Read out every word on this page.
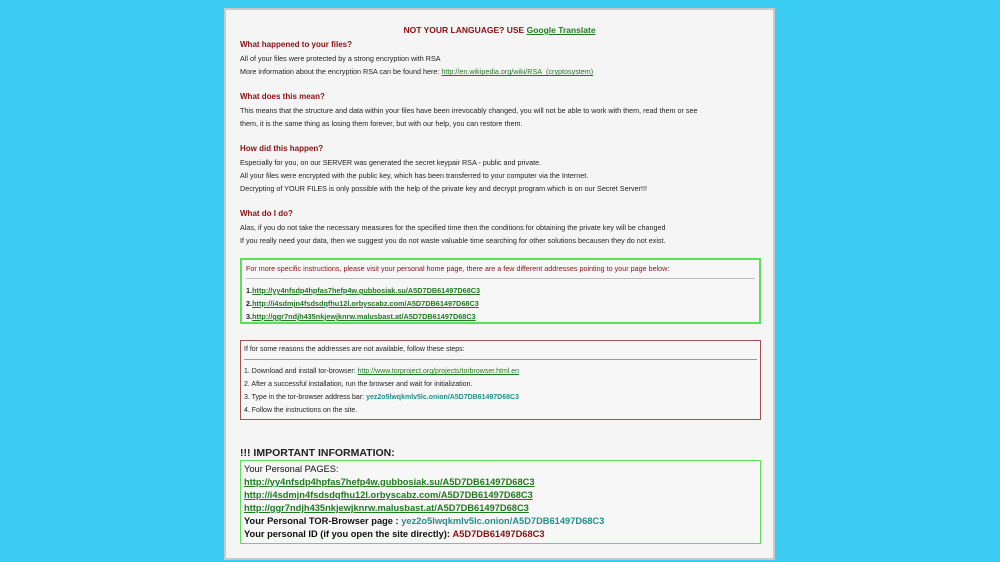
NOT YOUR LANGUAGE? USE Google Translate
What happened to your files?
All of your files were protected by a strong encryption with RSA
More information about the encryption RSA can be found here: http://en.wikipedia.org/wiki/RSA_(cryptosystem)
What does this mean?
This means that the structure and data within your files have been irrevocably changed, you will not be able to work with them, read them or see
them, it is the same thing as losing them forever, but with our help, you can restore them.
How did this happen?
Especially for you, on our SERVER was generated the secret keypair RSA - public and private.
All your files were encrypted with the public key, which has been transferred to your computer via the Internet.
Decrypting of YOUR FILES is only possible with the help of the private key and decrypt program which is on our Secret Server!!!
What do I do?
Alas, if you do not take the necessary measures for the specified time then the conditions for obtaining the private key will be changed
If you really need your data, then we suggest you do not waste valuable time searching for other solutions becausen they do not exist.
For more specific instructions, please visit your personal home page, there are a few different addresses pointing to your page below:
1.http://yy4nfsdp4hpfas7hefp4w.gubbosiak.su/A5D7DB61497D68C3
2.http://i4sdmjn4fsdsdqfhu12l.orbyscabz.com/A5D7DB61497D68C3
3.http://ggr7ndjh435nkjewjknrw.malusbast.at/A5D7DB61497D68C3
If for some reasons the addresses are not available, follow these steps:
1. Download and install tor-browser: http://www.torproject.org/projects/torbrowser.html.en
2. After a successful installation, run the browser and wait for initialization.
3. Type in the tor-browser address bar: yez2o5lwqkmlv5lc.onion/A5D7DB61497D68C3
4. Follow the instructions on the site.
!!! IMPORTANT INFORMATION:
Your Personal PAGES:
http://yy4nfsdp4hpfas7hefp4w.gubbosiak.su/A5D7DB61497D68C3
http://i4sdmjn4fsdsdqfhu12l.orbyscabz.com/A5D7DB61497D68C3
http://ggr7ndjh435nkjewjknrw.malusbast.at/A5D7DB61497D68C3
Your Personal TOR-Browser page : yez2o5lwqkmlv5lc.onion/A5D7DB61497D68C3
Your personal ID (if you open the site directly): A5D7DB61497D68C3
